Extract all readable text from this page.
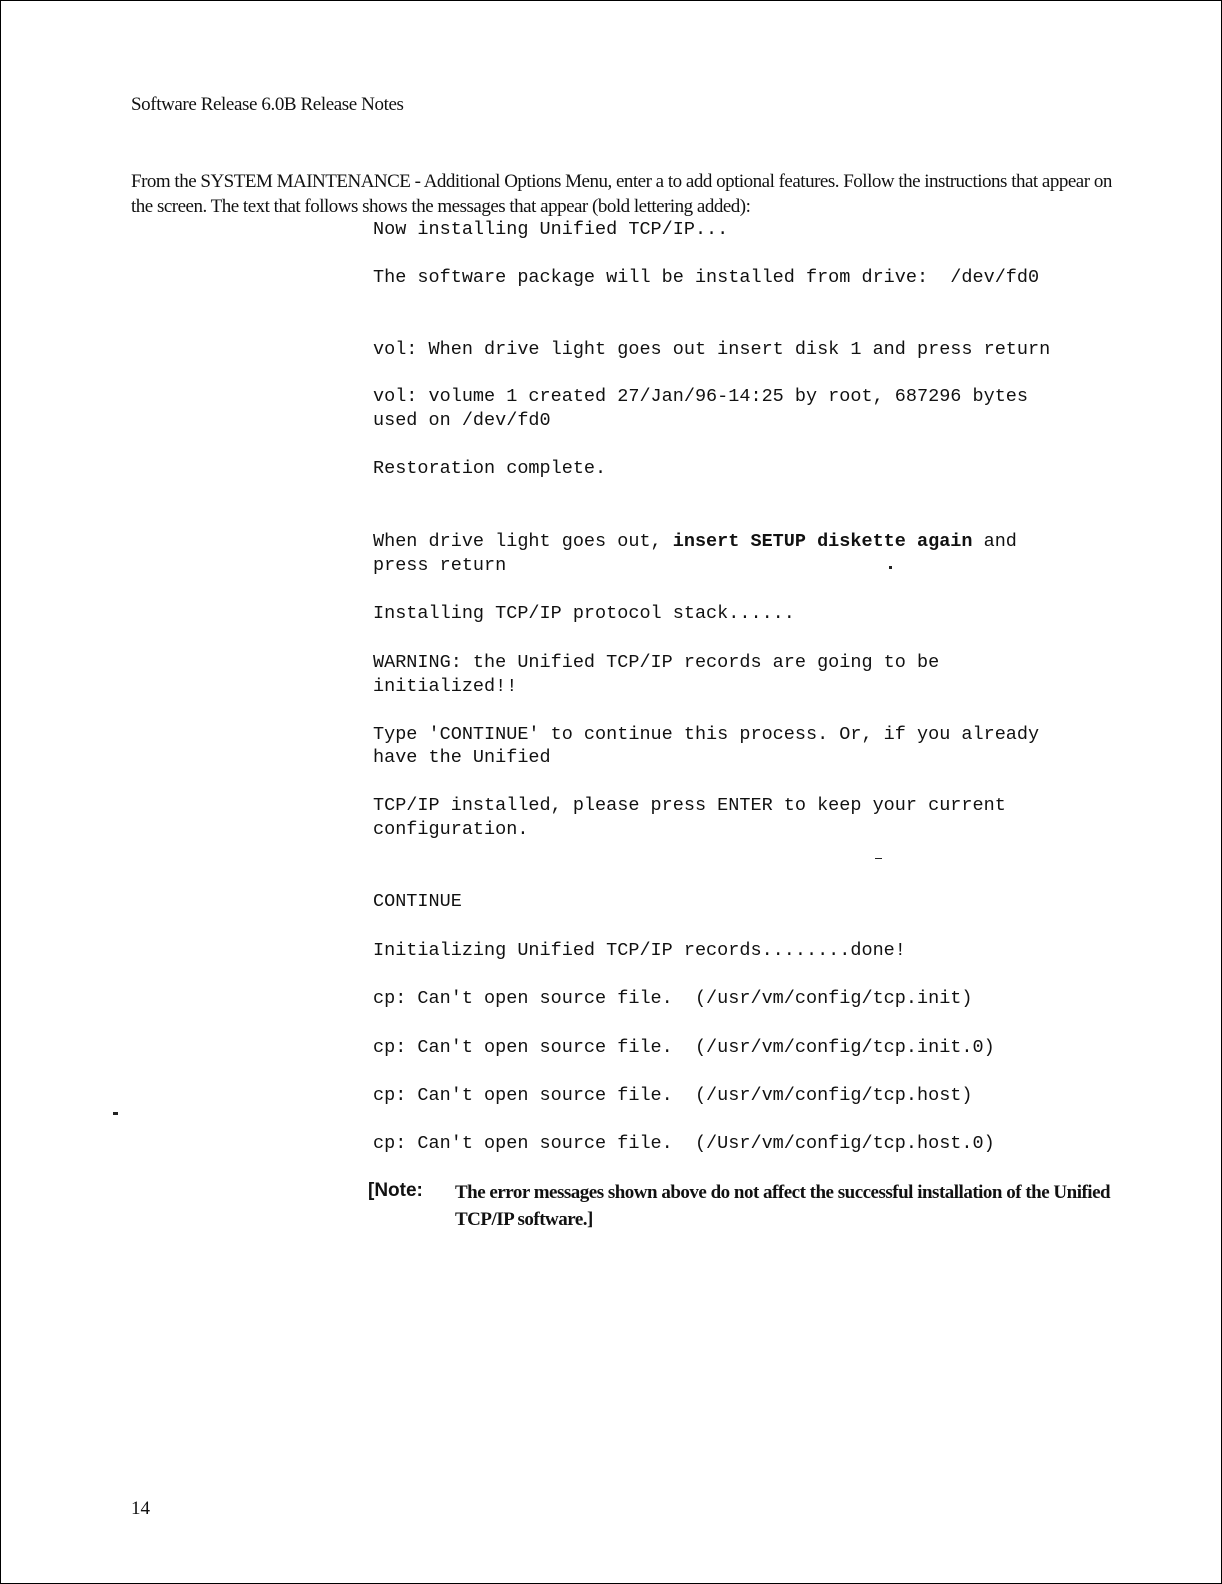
Software Release 6.0B Release Notes
From the SYSTEM MAINTENANCE - Additional Options Menu, enter a to add optional features. Follow the instructions that appear on the screen. The text that follows shows the messages that appear (bold lettering added):
Now installing Unified TCP/IP...
The software package will be installed from drive:  /dev/fd0
vol: When drive light goes out insert disk 1 and press return
vol: volume 1 created 27/Jan/96-14:25 by root, 687296 bytes
used on /dev/fd0
Restoration complete.
When drive light goes out, insert SETUP diskette again and
press return
Installing TCP/IP protocol stack......
WARNING: the Unified TCP/IP records are going to be
initialized!!
Type 'CONTINUE' to continue this process. Or, if you already
have the Unified
TCP/IP installed, please press ENTER to keep your current
configuration.
CONTINUE
Initializing Unified TCP/IP records........done!
cp: Can't open source file.  (/usr/vm/config/tcp.init)
cp: Can't open source file.  (/usr/vm/config/tcp.init.0)
cp: Can't open source file.  (/usr/vm/config/tcp.host)
cp: Can't open source file.  (/Usr/vm/config/tcp.host.0)
[Note: The error messages shown above do not affect the successful installation of the Unified TCP/IP software.]
14
